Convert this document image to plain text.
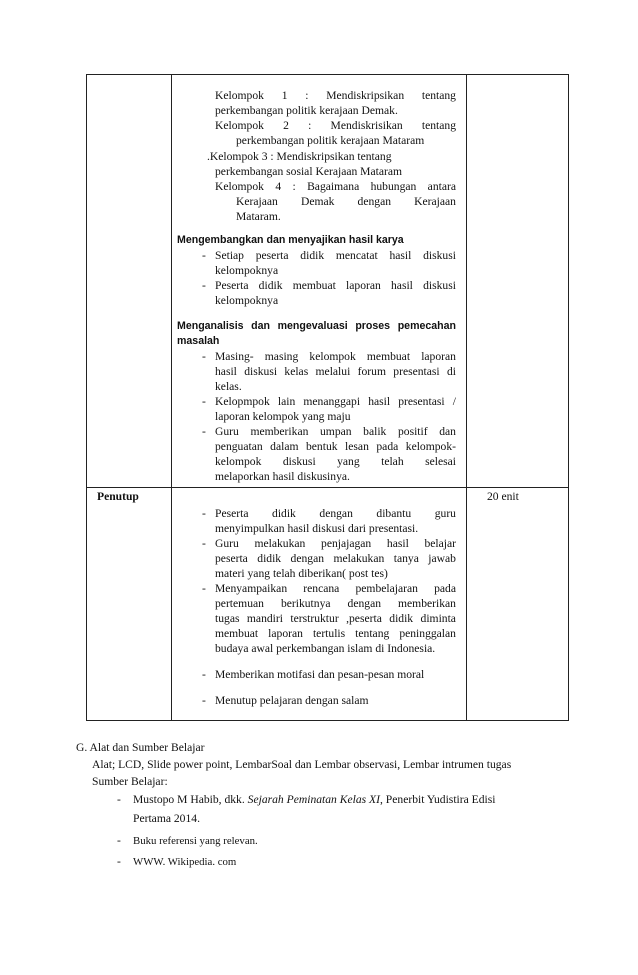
Kelompok 1 : Mendiskripsikan tentang
perkembangan politik kerajaan Demak.
Kelompok 2 : Mendiskrisikan tentang
perkembangan politik kerajaan Mataram
.Kelompok 3 : Mendiskripsikan tentang
perkembangan sosial Kerajaan Mataram
Kelompok 4 : Bagaimana hubungan antara
Kerajaan Demak dengan Kerajaan
Mataram.
Mengembangkan dan menyajikan hasil karya
- Setiap peserta didik mencatat hasil diskusi
kelompoknya
- Peserta didik membuat laporan hasil diskusi
kelompoknya
Menganalisis dan mengevaluasi proses pemecahan
masalah
- Masing- masing kelompok membuat laporan
hasil diskusi kelas melalui forum presentasi di
kelas.
- Kelopmpok lain menanggapi hasil presentasi /
laporan kelompok yang maju
- Guru memberikan umpan balik positif dan
penguatan dalam bentuk lesan pada kelompok-
kelompok diskusi yang telah selesai
melaporkan hasil diskusinya.
Penutup	20 enit
- Peserta didik dengan dibantu guru
menyimpulkan hasil diskusi dari presentasi.
- Guru melakukan penjajagan hasil belajar
peserta didik dengan melakukan tanya jawab
materi yang telah diberikan( post tes)
- Menyampaikan rencana pembelajaran pada
pertemuan berikutnya dengan memberikan
tugas mandiri terstruktur ,peserta didik diminta
membuat laporan tertulis tentang peninggalan
budaya awal perkembangan islam di Indonesia.
- Memberikan motifasi dan pesan-pesan moral
- Menutup pelajaran dengan salam
G. Alat dan Sumber Belajar
Alat; LCD, Slide power point, LembarSoal dan Lembar observasi, Lembar intrumen tugas
Sumber Belajar:
- Mustopo M Habib, dkk. Sejarah Peminatan Kelas XI, Penerbit Yudistira Edisi
Pertama 2014.
- Buku referensi yang relevan.
- WWW. Wikipedia. com
